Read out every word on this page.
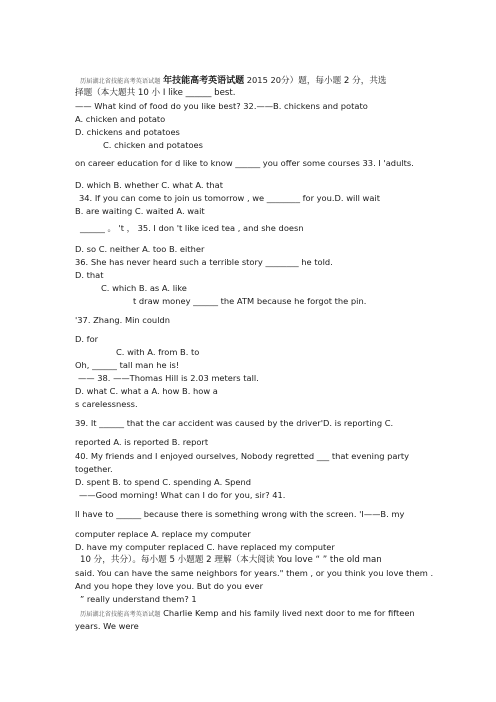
历届湖北省技能高考英语试题 年技能高考英语试题 2015 20分）题，每小题 2 分，共选
择题（本大题共 10 小 I like ______ best.
—— What kind of food do you like best? 32.——B. chickens and potato
A. chicken and potato
D. chickens and potatoes
C. chicken and potatoes
on career education for d like to know ______ you offer some courses 33. I 'adults.
D. which B. whether C. what A. that
34. If you can come to join us tomorrow , we ________ for you.D. will wait
B. are waiting C. waited A. wait
______ 。 't ， 35. I don 't like iced tea , and she doesn
D. so C. neither A. too B. either
36. She has never heard such a terrible story ________ he told.
D. that
C. which B. as A. like
t draw money ______ the ATM because he forgot the pin.
'37. Zhang. Min couldn
D. for
C. with A. from B. to
Oh, ______ tall man he is!
—— 38. ——Thomas Hill is 2.03 meters tall.
D. what C. what a A. how B. how a
s carelessness.
39. It ______ that the car accident was caused by the driver'D. is reporting C.
reported A. is reported B. report
40. My friends and I enjoyed ourselves, Nobody regretted ___ that evening party
together.
D. spent B. to spend C. spending A. Spend
——Good morning! What can I do for you, sir? 41.
ll have to ______ because there is something wrong with the screen. 'I——B. my
computer replace A. replace my computer
D. have my computer replaced C. have replaced my computer
10 分，共分）。每小题 5 小题题 2 理解（本大阅读 You love “ ” the old man
said. You can have the same neighbors for years." them , or you think you love them .
And you hope they love you. But do you ever
” really understand them? 1
历届湖北省技能高考英语试题 Charlie Kemp and his family lived next door to me for fifteen
years. We were
